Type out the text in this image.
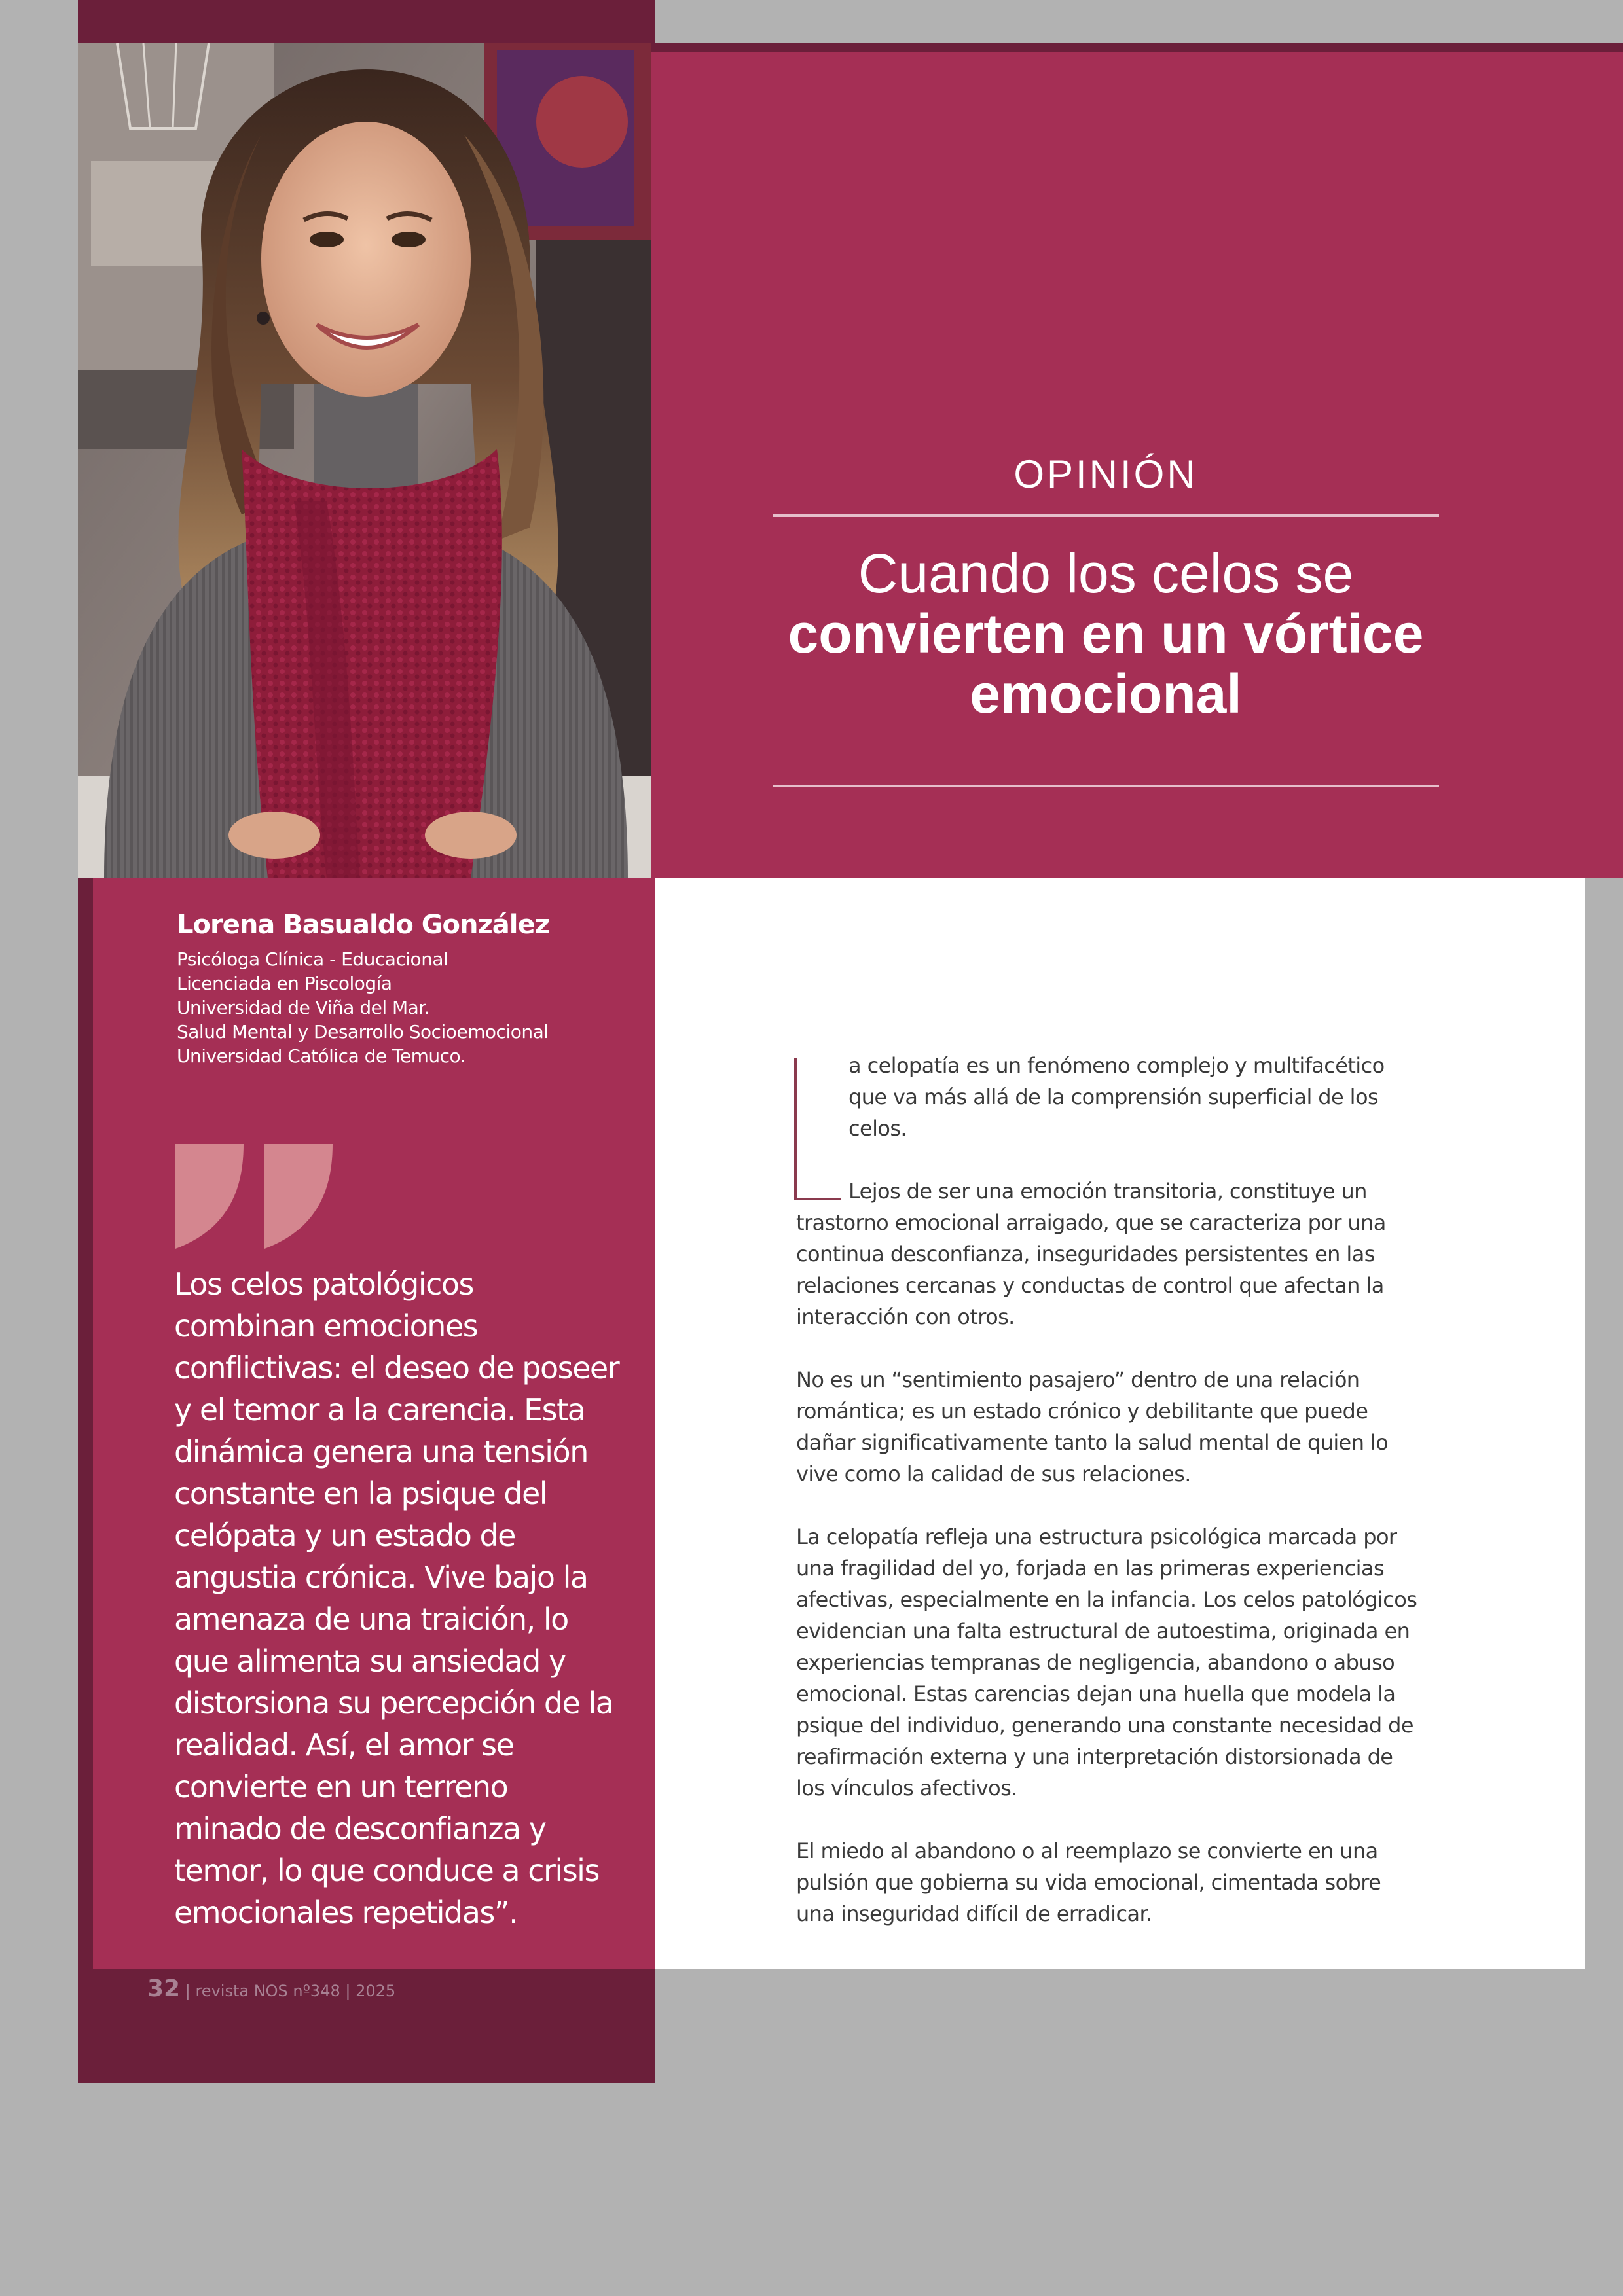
OPINIÓN
Cuando los celos se
convierten en un vórtice emocional
Lorena Basualdo González
Psicóloga Clínica - Educacional
Licenciada en Piscología
Universidad de Viña del Mar.
Salud Mental y Desarrollo Socioemocional
Universidad Católica de Temuco.

Los celos patológicos combinan emociones conflictivas: el deseo de poseer y el temor a la carencia. Esta dinámica genera una tensión constante en la psique del celópata y un estado de angustia crónica. Vive bajo la amenaza de una traición, lo que alimenta su ansiedad y distorsiona su percepción de la realidad. Así, el amor se convierte en un terreno minado de desconfianza y temor, lo que conduce a crisis emocionales repetidas”.

32 | revista NOS nº348 | 2025

a celopatía es un fenómeno complejo y multifacético que va más allá de la comprensión superficial de los celos.

Lejos de ser una emoción transitoria, constituye un trastorno emocional arraigado, que se caracteriza por una continua desconfianza, inseguridades persistentes en las relaciones cercanas y conductas de control que afectan la interacción con otros.

No es un “sentimiento pasajero” dentro de una relación romántica; es un estado crónico y debilitante que puede dañar significativamente tanto la salud mental de quien lo vive como la calidad de sus relaciones.

La celopatía refleja una estructura psicológica marcada por una fragilidad del yo, forjada en las primeras experiencias afectivas, especialmente en la infancia. Los celos patológicos evidencian una falta estructural de autoestima, originada en experiencias tempranas de negligencia, abandono o abuso emocional. Estas carencias dejan una huella que modela la psique del individuo, generando una constante necesidad de reafirmación externa y una interpretación distorsionada de los vínculos afectivos.

El miedo al abandono o al reemplazo se convierte en una pulsión que gobierna su vida emocional, cimentada sobre una inseguridad difícil de erradicar.
